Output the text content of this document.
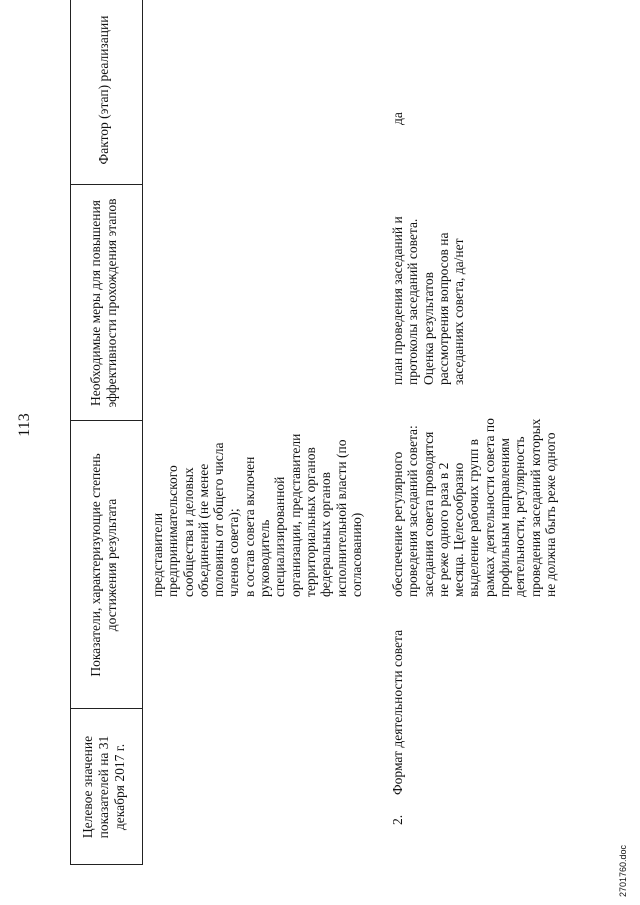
113
Целевое значение показателей на 31 декабря 2017 г.
Показатели, характеризующие степень достижения результата
Необходимые меры для повышения эффективности прохождения этапов
Фактор (этап) реализации
представители предпринимательского сообщества и деловых объединений (не менее половины от общего числа членов совета); в состав совета включен руководитель специализированной организации, представители территориальных органов федеральных органов исполнительной власти (по согласованию)
2.
Формат деятельности совета
обеспечение регулярного проведения заседаний совета: заседания совета проводятся не реже одного раза в 2 месяца. Целесообразно выделение рабочих групп в рамках деятельности совета по профильным направлениям деятельности, регулярность проведения заседаний которых не должна быть реже одного
план проведения заседаний и протоколы заседаний совета. Оценка результатов рассмотрения вопросов на заседаниях совета, да/нет
да
2701760.doc
